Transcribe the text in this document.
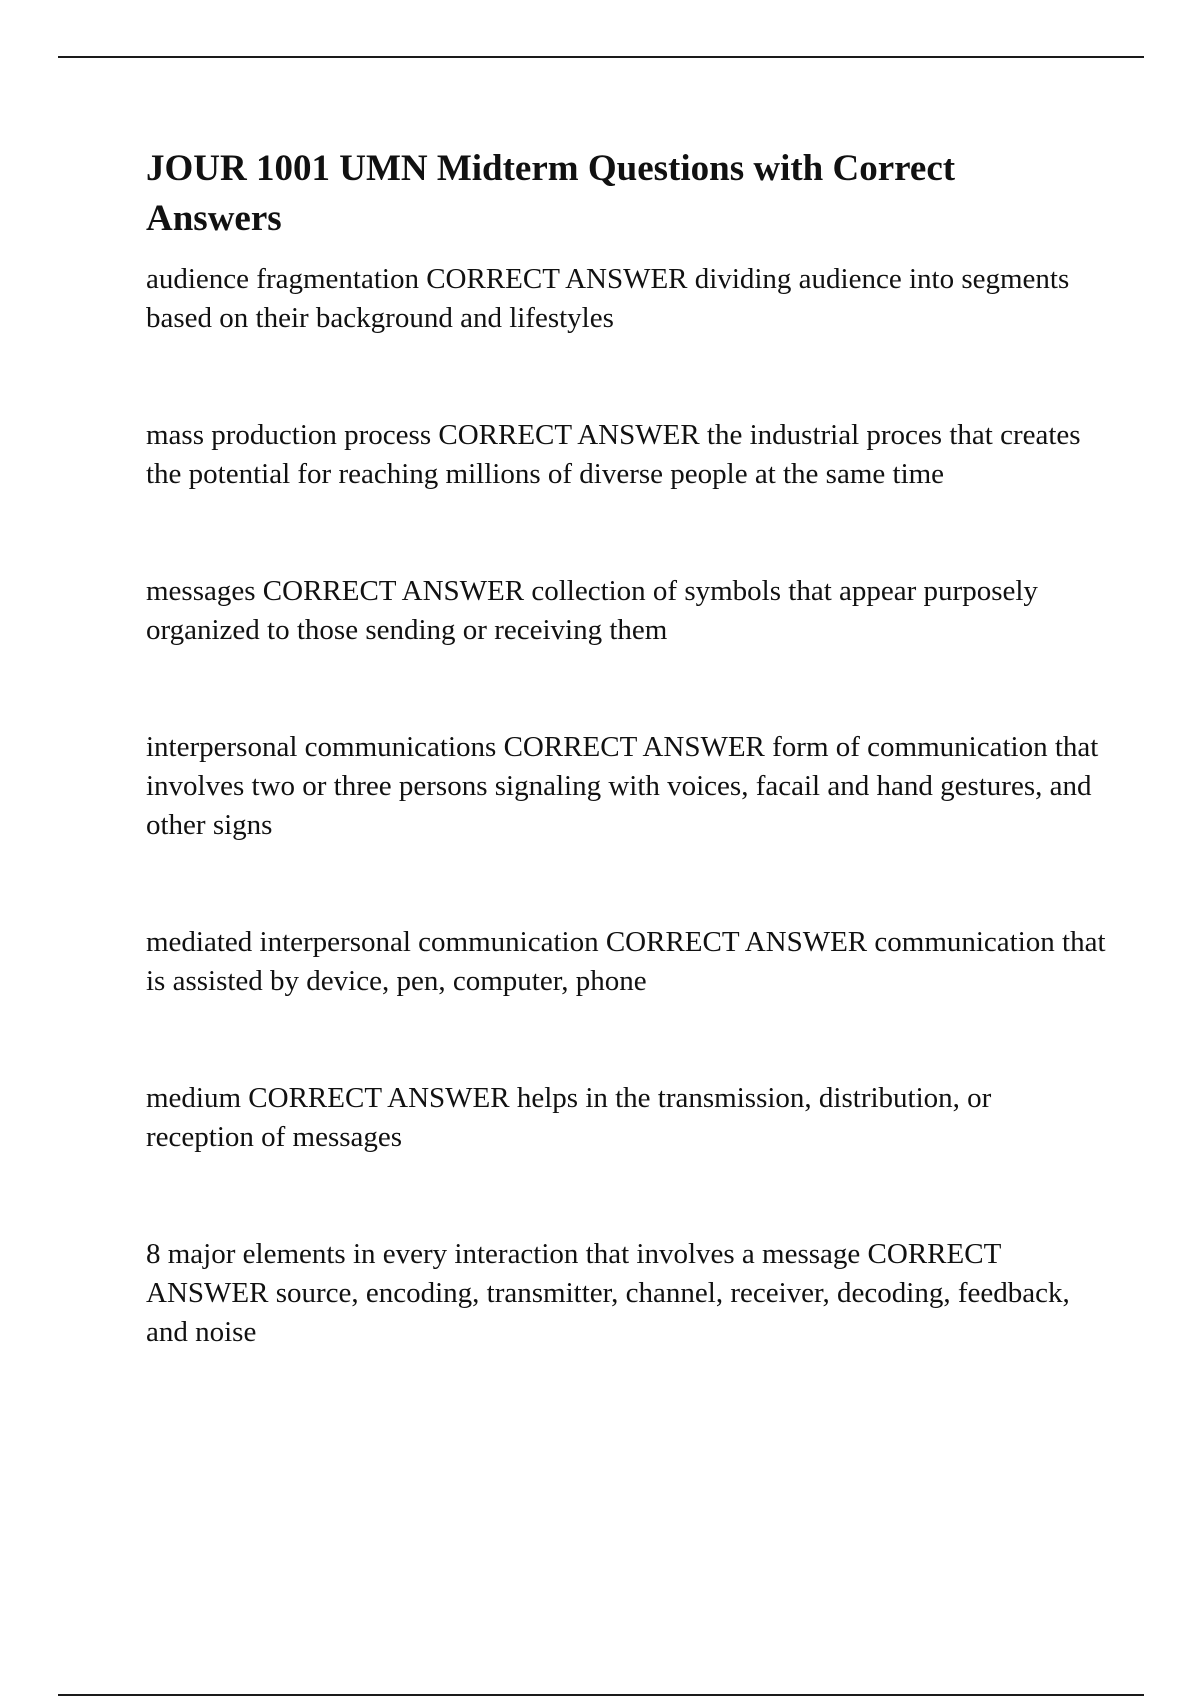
JOUR 1001 UMN Midterm Questions with Correct Answers

audience fragmentation CORRECT ANSWER dividing audience into segments based on their background and lifestyles

mass production process CORRECT ANSWER the industrial proces that creates the potential for reaching millions of diverse people at the same time

messages CORRECT ANSWER collection of symbols that appear purposely organized to those sending or receiving them

interpersonal communications CORRECT ANSWER form of communication that involves two or three persons signaling with voices, facail and hand gestures, and other signs

mediated interpersonal communication CORRECT ANSWER communication that is assisted by device, pen, computer, phone

medium CORRECT ANSWER helps in the transmission, distribution, or reception of messages

8 major elements in every interaction that involves a message CORRECT ANSWER source, encoding, transmitter, channel, receiver, decoding, feedback, and noise
